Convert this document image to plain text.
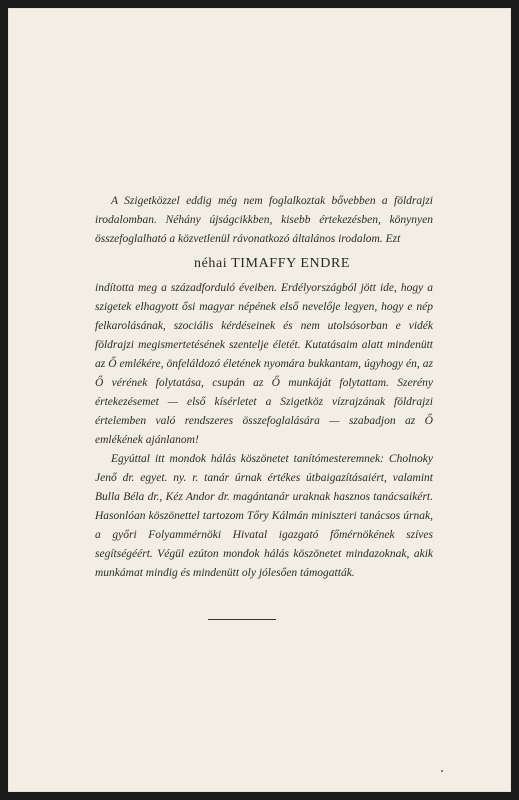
A Szigetközzel eddig még nem foglalkoztak bővebben a földrajzi irodalomban. Néhány újságcikkben, kisebb értekezésben, könynyen összefoglalható a közvetlenül rávonatkozó általános irodalom. Ezt

néhai TIMAFFY ENDRE

indította meg a századforduló éveiben. Erdélyországból jött ide, hogy a szigetek elhagyott ősi magyar népének első nevelője legyen, hogy e nép felkarolásának, szociális kérdéseinek és nem utolsósorban e vidék földrajzi megismertetésének szentelje életét. Kutatásaim alatt mindenütt az Ő emlékére, önfeláldozó életének nyomára bukkantam, úgyhogy én, az Ő vérének folytatása, csupán az Ő munkáját folytattam. Szerény értekezésemet — első kísérletet a Szigetköz vízrajzának földrajzi értelemben való rendszeres összefoglalására — szabadjon az Ő emlékének ajánlanom!

Egyúttal itt mondok hálás köszönetet tanítómesteremnek: Cholnoky Jenő dr. egyet. ny. r. tanár úrnak értékes útbaigazításaiért, valamint Bulla Béla dr., Kéz Andor dr. magántanár uraknak hasznos tanácsaikért. Hasonlóan köszönettel tartozom Tőry Kálmán miniszteri tanácsos úrnak, a győri Folyammérnöki Hivatal igazgató főmérnökének szíves segítségéért. Végül ezúton mondok hálás köszönetet mindazoknak, akik munkámat mindig és mindenütt oly jólesően támogatták.
